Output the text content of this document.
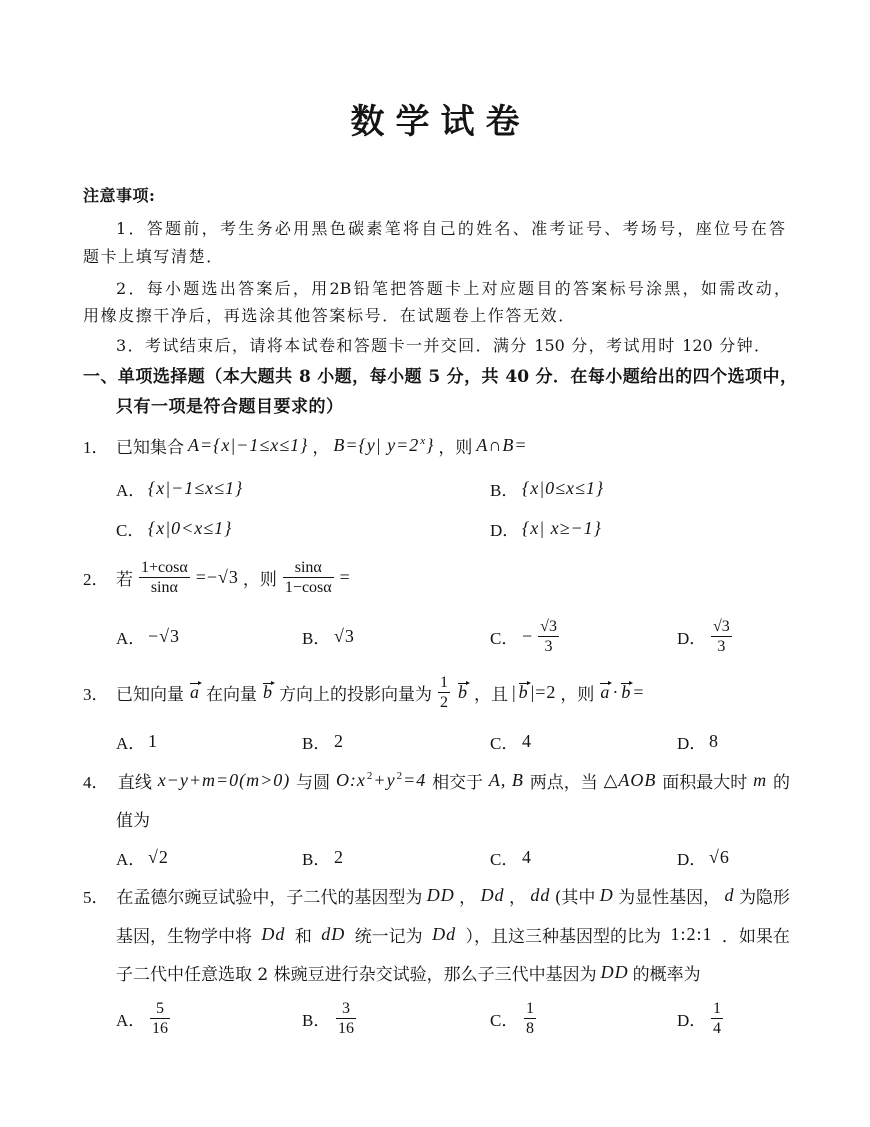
数学试卷
注意事项:
1．答题前，考生务必用黑色碳素笔将自己的姓名、准考证号、考场号，座位号在答
题卡上填写清楚．
2．每小题选出答案后，用2B铅笔把答题卡上对应题目的答案标号涂黑，如需改动，
用橡皮擦干净后，再选涂其他答案标号．在试题卷上作答无效．
3．考试结束后，请将本试卷和答题卡一并交回．满分 150 分，考试用时 120 分钟．
一、单项选择题（本大题共 8 小题，每小题 5 分，共 40 分．在每小题给出的四个选项中，
只有一项是符合题目要求的）
1． 已知集合 A={x|−1≤x≤1} ， B={y| $y=2^x$} ，则 A∩B=
A． {x|−1≤x≤1}	B． {x|0≤x≤1}
C． {x|0<x≤1}	D． {x| x≥−1}
2． 若 $\frac{1+\cos\alpha}{\sin\alpha} =-√3$ ，则 $\frac{\sin\alpha}{1-\cos\alpha}$ =
A． −√3	B． √3	C． − $\frac{√3}{3}$	D． $\frac{√3}{3}$
3． 已知向量 a 在向量 b 方向上的投影向量为 $\frac{1}{2}$ b ，且 | b |=2 ，则 a · b =
A． 1	B． 2	C． 4	D． 8
4． 直线 x−y+m=0(m>0) 与圆 $O:x^2+y^2=4$ 相交于 A, B 两点，当 △AOB 面积最大时 m 的
值为
A． √2	B． 2	C． 4	D． √6
5． 在孟德尔豌豆试验中，子二代的基因型为 DD ， Dd ， dd (其中 D 为显性基因， d 为隐形
基因，生物学中将 Dd 和 dD 统一记为 Dd ），且这三种基因型的比为 1:2:1 ．如果在
子二代中任意选取 2 株豌豆进行杂交试验，那么子三代中基因为 DD 的概率为
A． $\frac{5}{16}$	B． $\frac{3}{16}$	C． $\frac{1}{8}$	D． $\frac{1}{4}$
